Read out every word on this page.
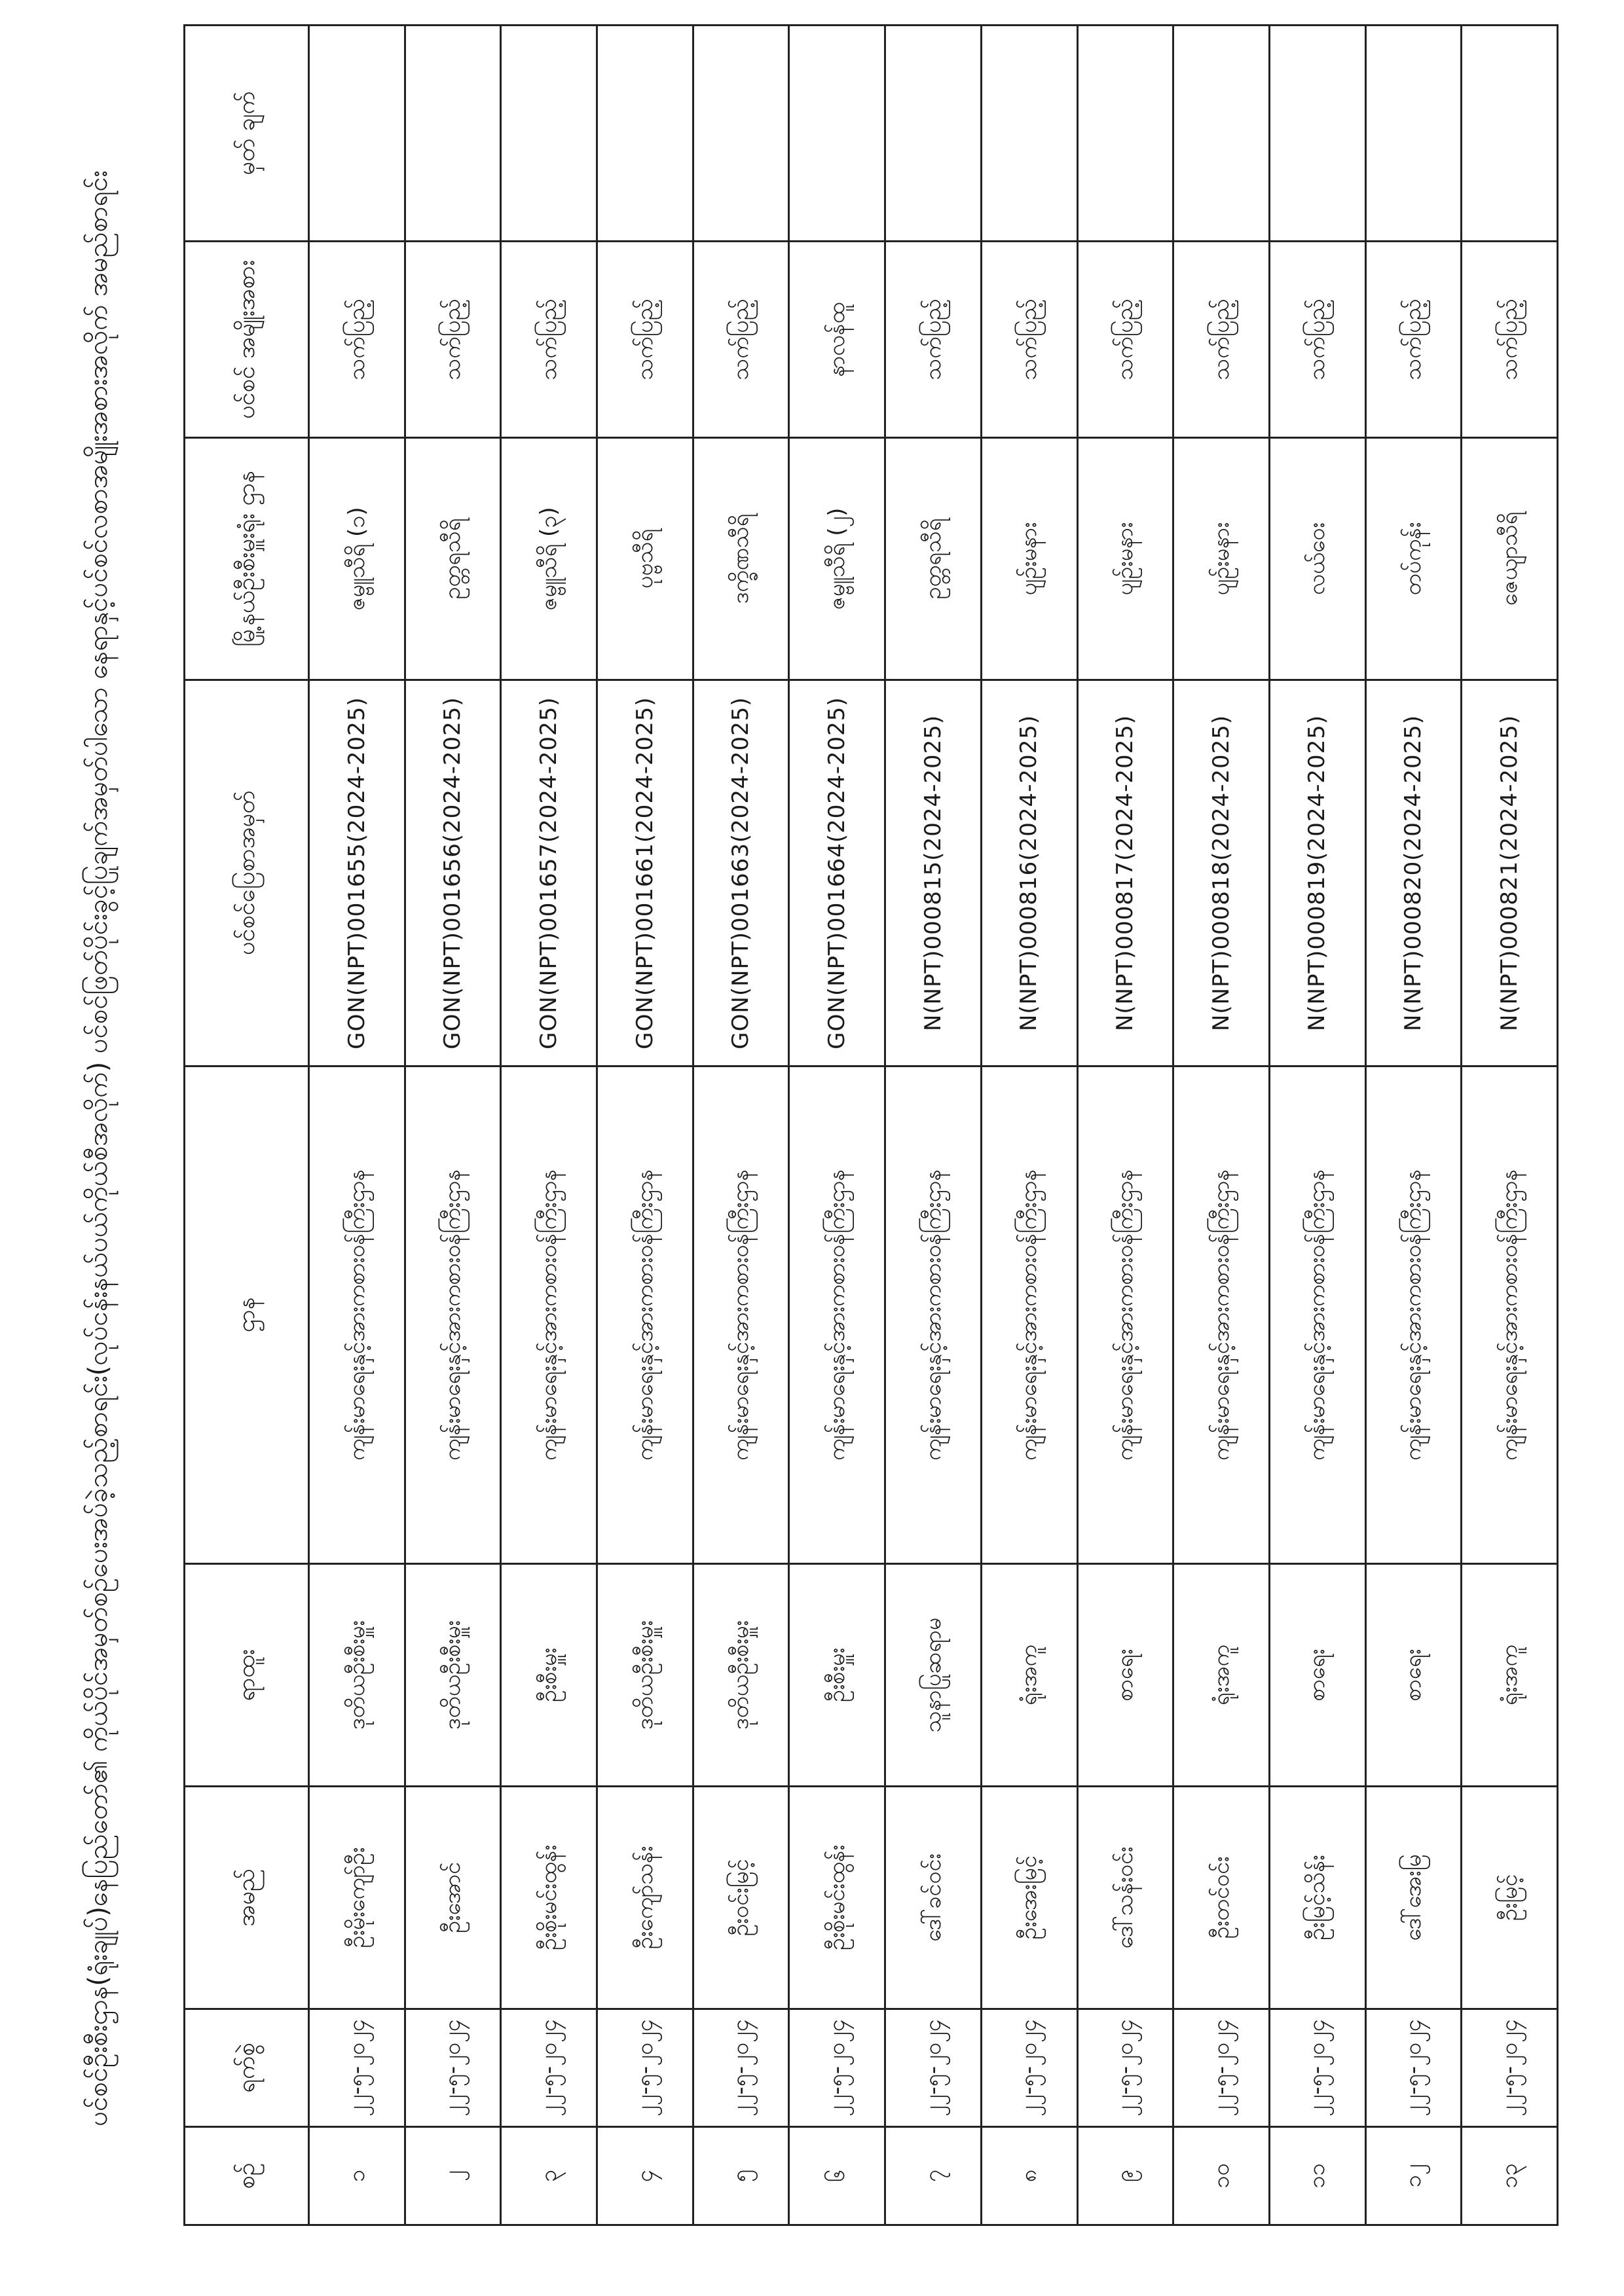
ပင်စင်ဦးစီးဌာန(ရုံးချုပ်)နေပြည်တော်၏ ကိုယ်ပိုင်အမှတ်စဉ်ပေးအပ်ခဲ့သည့်စာရင်း(လုပ်ငန်းနယ်ပယ်ကိုယ်စီအလိုက်) ပင်စင်ဖြတ်ပိုင်းခွင့်ပြုချက်အမှတ်ပါသော နေရာနှင့်ပင်စင်လစာအမျိုးအစားအလိုက် အမည်စာရင်း
စဉ်	ရက်စွဲ	အမည်	ရာထူး	ဌာန	ပင်စင်ပြေစာအမှတ်	မြို့နယ်ဦးစီးမှူးရုံး ဌာန	ပင်စင် အမျိုးအစား	မှတ် ချက်
၁	၂၂-၅-၂၀၂၄	ဦးမိုးကျော်ဦး	ဒုတိယဦးစီးမှူး	ကျန်းမာရေးနှင့်အားကစားဝန်ကြီးဌာန	GON(NPT)001655(2024-2025)	ဇမ္ဗူသီရိ (၁)	သက်ပြည့်	
၂	၂၂-၅-၂၀၂၄	ဦးအောင်	ဒုတိယဦးစီးမှူး	ကျန်းမာရေးနှင့်အားကစားဝန်ကြီးဌာန	GON(NPT)001656(2024-2025)	ဥတ္တရသီရိ	သက်ပြည့်	
၃	၂၂-၅-၂၀၂၄	ဦးစိုးမင်းထွန်း	ဦးစီးမှူး	ကျန်းမာရေးနှင့်အားကစားဝန်ကြီးဌာန	GON(NPT)001657(2024-2025)	ဇမ္ဗူသီရိ (၃)	သက်ပြည့်	
၄	၂၂-၅-၂၀၂၄	ဦးကျော်သန်း	ဒုတိယဦးစီးမှူး	ကျန်းမာရေးနှင့်အားကစားဝန်ကြီးဌာန	GON(NPT)001661(2024-2025)	ပုဗ္ဗသီရိ	သက်ပြည့်	
၅	၂၂-၅-၂၀၂၄	ဦးဝင်းမြင့်	ဒုတိယဦးစီးမှူး	ကျန်းမာရေးနှင့်အားကစားဝန်ကြီးဌာန	GON(NPT)001663(2024-2025)	ဒက္ခိဏသီရိ	သက်ပြည့်	
၆	၂၂-၅-၂၀၂၄	ဦးစိုးမင်းထွန်း	ဦးစီးမှူး	ကျန်းမာရေးနှင့်အားကစားဝန်ကြီးဌာန	GON(NPT)001664(2024-2025)	ဇမ္ဗူသီရိ (၂)	နာလန်ထူ	
၇	၂၂-၅-၂၀၂၄	ဒေါ်ခင်ဝင်း	သူနာပြုဆရာမ	ကျန်းမာရေးနှင့်အားကစားဝန်ကြီးဌာန	N(NPT)000815(2024-2025)	ဥတ္တရသီရိ	သက်ပြည့်	
၈	၂၂-၅-၂၀၂၄	ဦးအေးမြင့်	ရုံးအကူ	ကျန်းမာရေးနှင့်အားကစားဝန်ကြီးဌာန	N(NPT)000816(2024-2025)	ပျဉ်းမနား	သက်ပြည့်	
၉	၂၂-၅-၂၀၂၄	ဒေါ်သန်းဝင်း	စာရေး	ကျန်းမာရေးနှင့်အားကစားဝန်ကြီးဌာန	N(NPT)000817(2024-2025)	ပျဉ်းမနား	သက်ပြည့်	
၁၀	၂၂-၅-၂၀၂၄	ဦးတင်ဝင်း	ရုံးအကူ	ကျန်းမာရေးနှင့်အားကစားဝန်ကြီးဌာန	N(NPT)000818(2024-2025)	ပျဉ်းမနား	သက်ပြည့်	
၁၁	၂၂-၅-၂၀၂၄	ဦးမြင့်သိန်း	စာရေး	ကျန်းမာရေးနှင့်အားကစားဝန်ကြီးဌာန	N(NPT)000819(2024-2025)	လယ်ဝေး	သက်ပြည့်	
၁၂	၂၂-၅-၂၀၂၄	ဒေါ်အေးမြ	စာရေး	ကျန်းမာရေးနှင့်အားကစားဝန်ကြီးဌာန	N(NPT)000820(2024-2025)	တပ်ကုန်း	သက်ပြည့်	
၁၃	၂၂-၅-၂၀၂၄	ဦးမြင့်	ရုံးအကူ	ကျန်းမာရေးနှင့်အားကစားဝန်ကြီးဌာန	N(NPT)000821(2024-2025)	ဇေယျာသီရိ	သက်ပြည့်	
